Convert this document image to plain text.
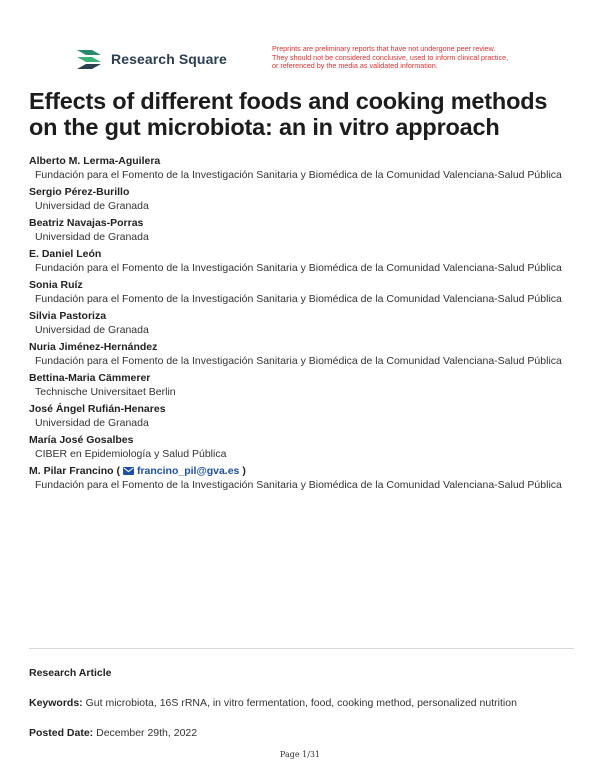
Research Square
Preprints are preliminary reports that have not undergone peer review.
They should not be considered conclusive, used to inform clinical practice,
or referenced by the media as validated information.
Effects of different foods and cooking methods on the gut microbiota: an in vitro approach
Alberto M. Lerma-Aguilera
Fundación para el Fomento de la Investigación Sanitaria y Biomédica de la Comunidad Valenciana-Salud Pública
Sergio Pérez-Burillo
Universidad de Granada
Beatriz Navajas-Porras
Universidad de Granada
E. Daniel León
Fundación para el Fomento de la Investigación Sanitaria y Biomédica de la Comunidad Valenciana-Salud Pública
Sonia Ruíz
Fundación para el Fomento de la Investigación Sanitaria y Biomédica de la Comunidad Valenciana-Salud Pública
Silvia Pastoriza
Universidad de Granada
Nuria Jiménez-Hernández
Fundación para el Fomento de la Investigación Sanitaria y Biomédica de la Comunidad Valenciana-Salud Pública
Bettina-Maria Cämmerer
Technische Universitaet Berlin
José Ángel Rufián-Henares
Universidad de Granada
María José Gosalbes
CIBER en Epidemiología y Salud Pública
M. Pilar Francino ( francino_pil@gva.es )
Fundación para el Fomento de la Investigación Sanitaria y Biomédica de la Comunidad Valenciana-Salud Pública
Research Article
Keywords: Gut microbiota, 16S rRNA, in vitro fermentation, food, cooking method, personalized nutrition
Posted Date: December 29th, 2022
Page 1/31
